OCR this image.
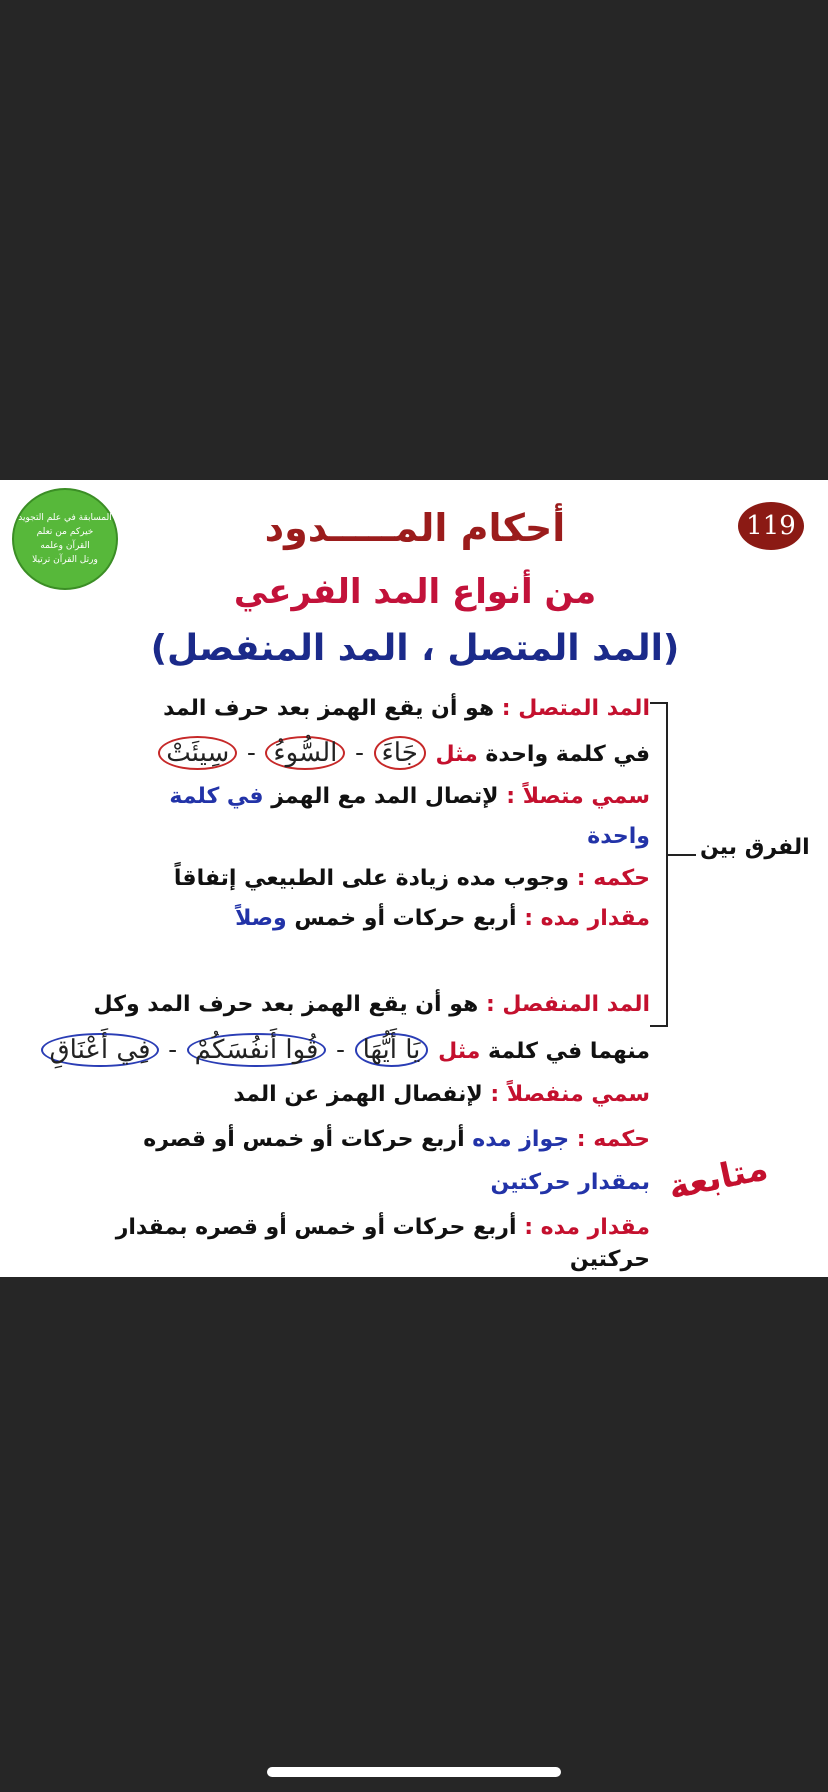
119
المسابقة في علم التجويد
خيركم من تعلم
القرآن وعلمه
ورتل القرآن ترتيلا
أحكام المـــــدود
من أنواع المد الفرعي
(المد المتصل ، المد المنفصل)
المد المتصل : هو أن يقع الهمز بعد حرف المد
في كلمة واحدة مثل جَاءَ - السُّوءُ - سِيئَتْ
سمي متصلاً : لإتصال المد مع الهمز في كلمة
واحدة
حكمه : وجوب مده زيادة على الطبيعي إتفاقاً
مقدار مده : أربع حركات أو خمس وصلاً
الفرق بين
المد المنفصل : هو أن يقع الهمز بعد حرف المد وكل
منهما في كلمة مثل يَا أَيُّهَا - قُوا أَنفُسَكُمْ - فِي أَعْنَاقِ
سمي منفصلاً : لإنفصال الهمز عن المد
حكمه : جواز مده أربع حركات أو خمس أو قصره
بمقدار حركتين
مقدار مده : أربع حركات أو خمس أو قصره بمقدار
حركتين
متابعة
